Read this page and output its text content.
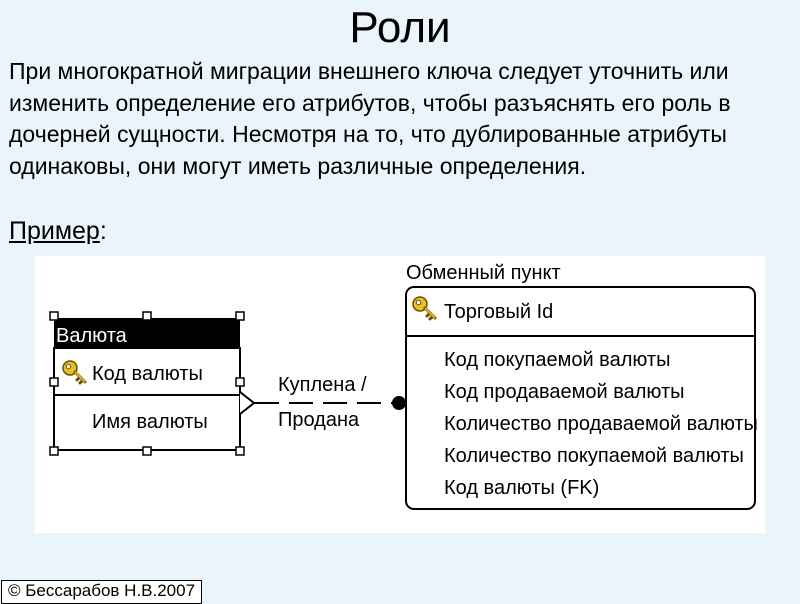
Роли
При многократной миграции внешнего ключа следует уточнить или изменить определение его атрибутов, чтобы разъяснять его роль в дочерней сущности. Несмотря на то, что дублированные атрибуты одинаковы, они могут иметь различные определения.
Пример:
Валюта
Код валюты
Имя валюты
Куплена /
Продана
Обменный пункт
Торговый Id
Код покупаемой валюты
Код продаваемой валюты
Количество продаваемой валюты
Количество покупаемой валюты
Код валюты (FK)
© Бессарабов Н.В.2007
